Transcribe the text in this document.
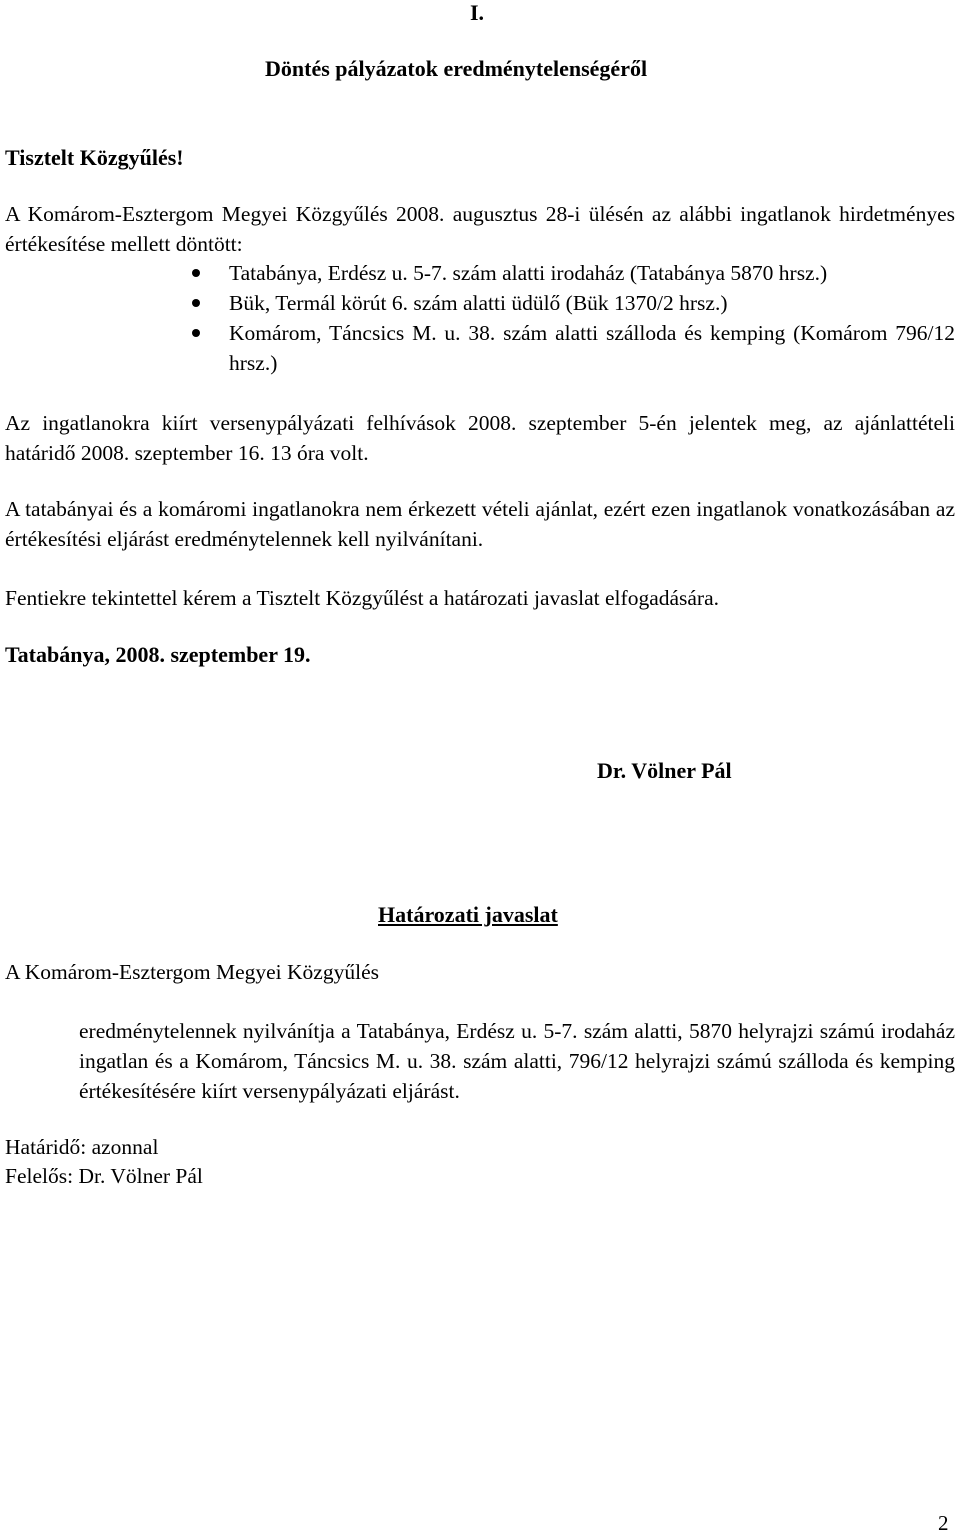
I.
Döntés pályázatok eredménytelenségéről
Tisztelt Közgyűlés!

A Komárom-Esztergom Megyei Közgyűlés 2008. augusztus 28-i ülésén az alábbi ingatlanok hirdetményes értékesítése mellett döntött:

Tatabánya, Erdész u. 5-7. szám alatti irodaház (Tatabánya 5870 hrsz.)
Bük, Termál körút 6. szám alatti üdülő (Bük 1370/2 hrsz.)
Komárom, Táncsics M. u. 38. szám alatti szálloda és kemping (Komárom 796/12 hrsz.)

Az ingatlanokra kiírt versenypályázati felhívások 2008. szeptember 5-én jelentek meg, az ajánlattételi határidő 2008. szeptember 16. 13 óra volt.

A tatabányai és a komáromi ingatlanokra nem érkezett vételi ajánlat, ezért ezen ingatlanok vonatkozásában az értékesítési eljárást eredménytelennek kell nyilvánítani.

Fentiekre tekintettel kérem a Tisztelt Közgyűlést a határozati javaslat elfogadására.

Tatabánya, 2008. szeptember 19.
Dr. Völner Pál
Határozati javaslat
A Komárom-Esztergom Megyei Közgyűlés

eredménytelennek nyilvánítja a Tatabánya, Erdész u. 5-7. szám alatti, 5870 helyrajzi számú irodaház ingatlan és a Komárom, Táncsics M. u. 38. szám alatti, 796/12 helyrajzi számú szálloda és kemping értékesítésére kiírt versenypályázati eljárást.

Határidő: azonnal
Felelős: Dr. Völner Pál
2
